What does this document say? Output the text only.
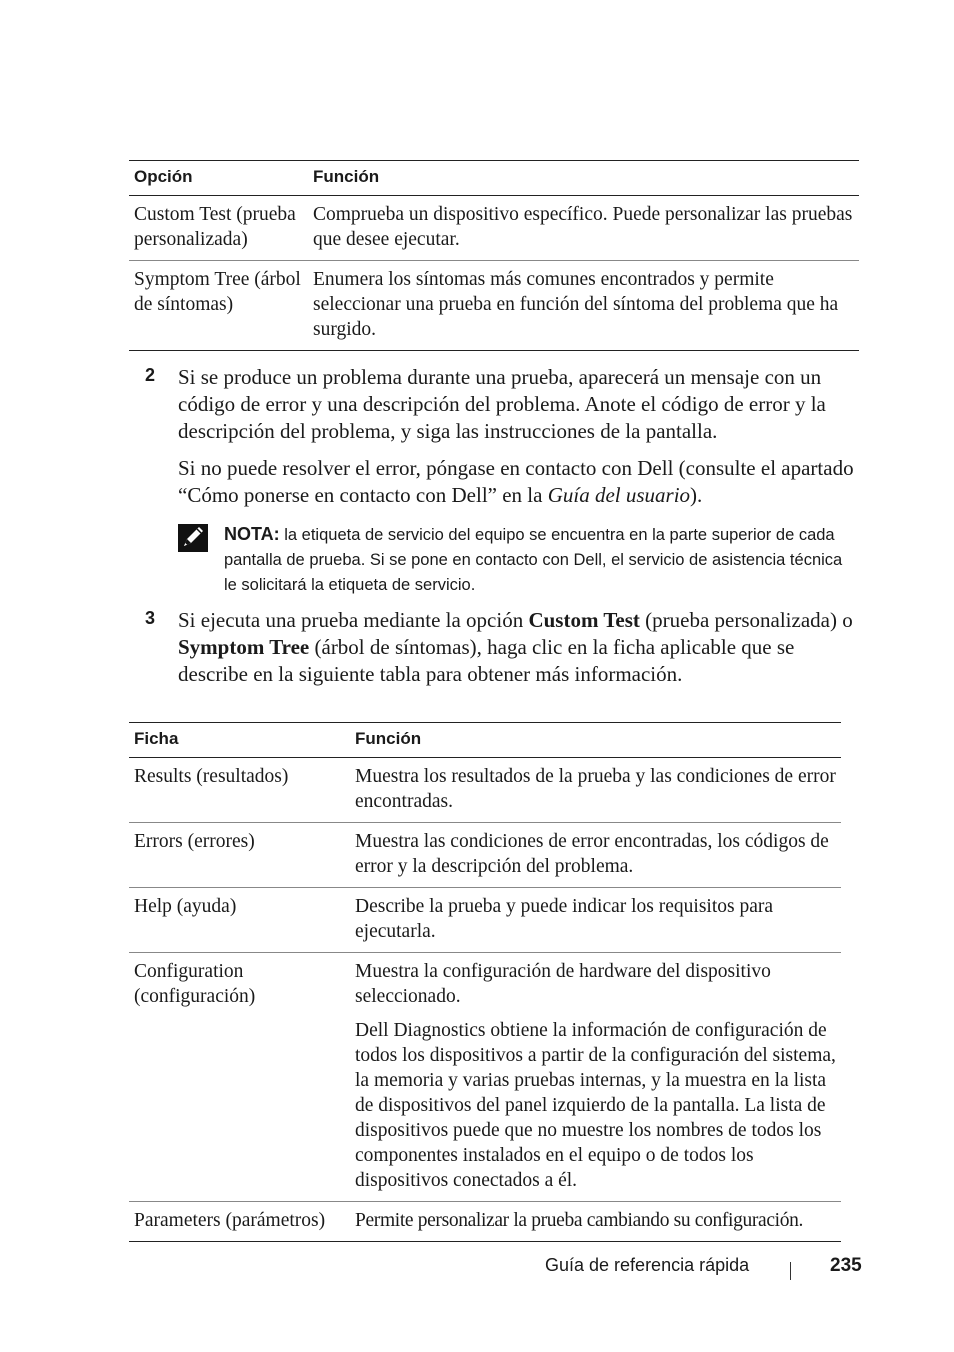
Opción	Función
Custom Test (prueba personalizada)	Comprueba un dispositivo específico. Puede personalizar las pruebas que desee ejecutar.
Symptom Tree (árbol de síntomas)	Enumera los síntomas más comunes encontrados y permite seleccionar una prueba en función del síntoma del problema que ha surgido.
2 Si se produce un problema durante una prueba, aparecerá un mensaje con un código de error y una descripción del problema. Anote el código de error y la descripción del problema, y siga las instrucciones de la pantalla.

Si no puede resolver el error, póngase en contacto con Dell (consulte el apartado “Cómo ponerse en contacto con Dell” en la Guía del usuario).

NOTA: la etiqueta de servicio del equipo se encuentra en la parte superior de cada pantalla de prueba. Si se pone en contacto con Dell, el servicio de asistencia técnica le solicitará la etiqueta de servicio.
3 Si ejecuta una prueba mediante la opción Custom Test (prueba personalizada) o Symptom Tree (árbol de síntomas), haga clic en la ficha aplicable que se describe en la siguiente tabla para obtener más información.

Ficha	Función
Results (resultados)	Muestra los resultados de la prueba y las condiciones de error encontradas.

Errors (errores)	Muestra las condiciones de error encontradas, los códigos de error y la descripción del problema.

Help (ayuda)	Describe la prueba y puede indicar los requisitos para ejecutarla.

Configuration (configuración)	Muestra la configuración de hardware del dispositivo seleccionado.

Dell Diagnostics obtiene la información de configuración de todos los dispositivos a partir de la configuración del sistema, la memoria y varias pruebas internas, y la muestra en la lista de dispositivos del panel izquierdo de la pantalla. La lista de dispositivos puede que no muestre los nombres de todos los componentes instalados en el equipo o de todos los dispositivos conectados a él.

Parameters (parámetros)	Permite personalizar la prueba cambiando su configuración.

Guía de referencia rápida	235
